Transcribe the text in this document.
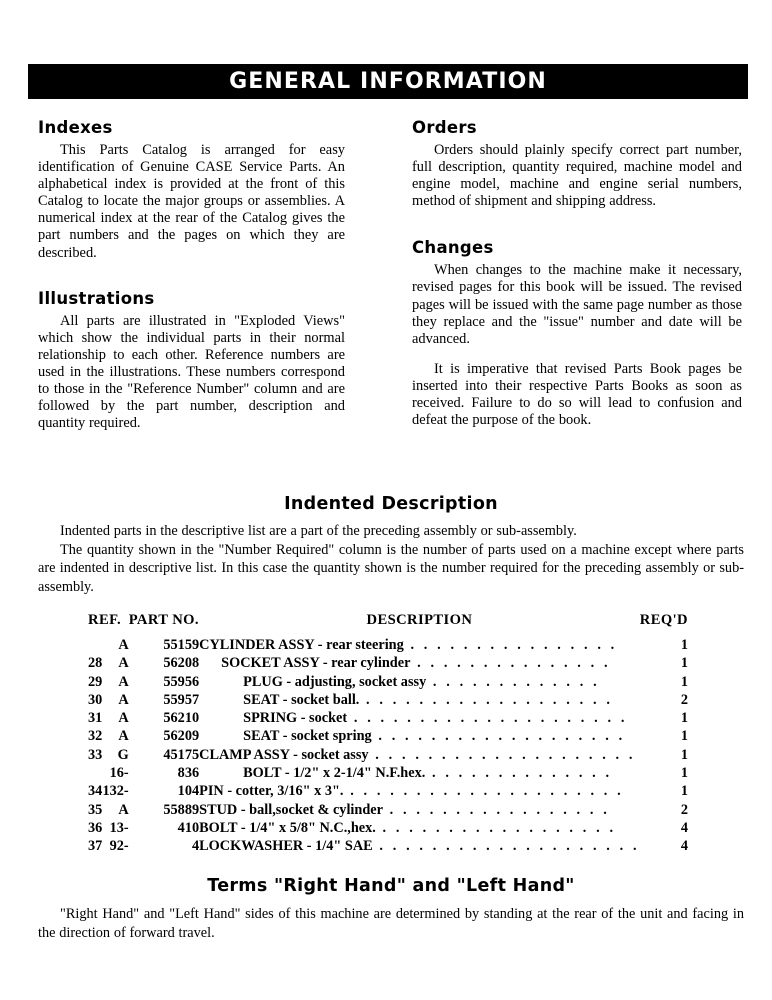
GENERAL INFORMATION
Indexes

This Parts Catalog is arranged for easy identification of Genuine CASE Service Parts. An alphabetical index is provided at the front of this Catalog to locate the major groups or assemblies. A numerical index at the rear of the Catalog gives the part numbers and the pages on which they are described.

Illustrations

All parts are illustrated in "Exploded Views" which show the individual parts in their normal relationship to each other. Reference numbers are used in the illustrations. These numbers correspond to those in the "Reference Number" column and are followed by the part number, description and quantity required.

Orders

Orders should plainly specify correct part number, full description, quantity required, machine model and engine model, machine and engine serial numbers, method of shipment and shipping address.

Changes

When changes to the machine make it necessary, revised pages for this book will be issued. The revised pages will be issued with the same page number as those they replace and the "issue" number and date will be advanced.

It is imperative that revised Parts Book pages be inserted into their respective Parts Books as soon as received. Failure to do so will lead to confusion and defeat the purpose of the book.

Indented Description

Indented parts in the descriptive list are a part of the preceding assembly or sub-assembly.

The quantity shown in the "Number Required" column is the number of parts used on a machine except where parts are indented in descriptive list. In this case the quantity shown is the number required for the preceding assembly or sub-assembly.

REF.		PART NO.	DESCRIPTION	REQ'D
	A	55159	CYLINDER ASSY - rear steering . . . . . . . . . . . . . . . .	1
28	A	56208	SOCKET ASSY - rear cylinder . . . . . . . . . . . . . . .	1
29	A	55956	PLUG - adjusting, socket assy . . . . . . . . . . . . .	1
30	A	55957	SEAT - socket ball. . . . . . . . . . . . . . . . . . . .	2
31	A	56210	SPRING - socket . . . . . . . . . . . . . . . . . . . . .	1
32	A	56209	SEAT - socket spring . . . . . . . . . . . . . . . . . . .	1
33	G	45175	CLAMP ASSY - socket assy . . . . . . . . . . . . . . . . . . . .	1
	16-	836	BOLT - 1/2" x 2-1/4" N.F.hex. . . . . . . . . . . . . . .	1
34	132-	104	PIN - cotter, 3/16" x 3". . . . . . . . . . . . . . . . . . . . . .	1
35	A	55889	STUD - ball,socket & cylinder . . . . . . . . . . . . . . . . .	2
36	13-	410	BOLT - 1/4" x 5/8" N.C.,hex. . . . . . . . . . . . . . . . . . .	4
37	92-	4	LOCKWASHER - 1/4" SAE . . . . . . . . . . . . . . . . . . . .	4
Terms "Right Hand" and "Left Hand"

"Right Hand" and "Left Hand" sides of this machine are determined by standing at the rear of the unit and facing in the direction of forward travel.
